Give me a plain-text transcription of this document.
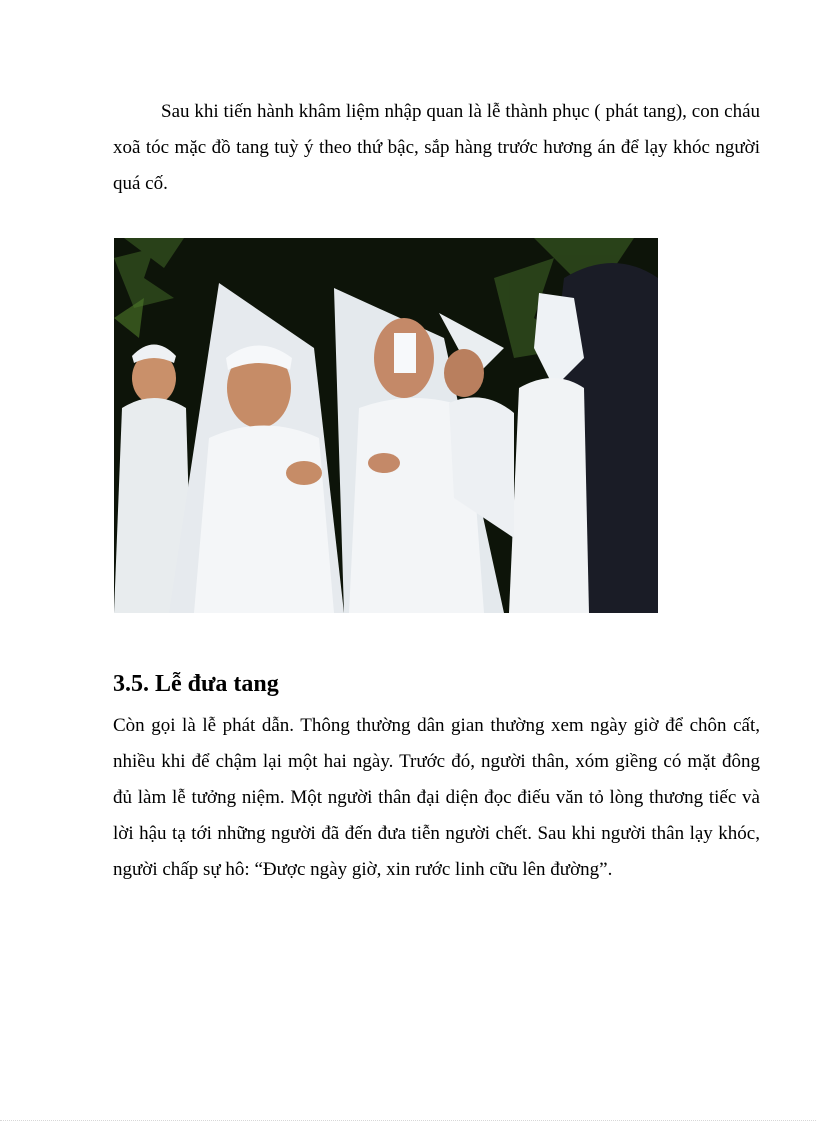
Sau khi tiến hành khâm liệm nhập quan là lễ thành phục ( phát tang), con cháu xoã tóc mặc đồ tang tuỳ ý theo thứ bậc, sắp hàng trước hương án để lạy khóc người quá cố.

3.5. Lễ đưa tang

Còn gọi là lễ phát dẫn. Thông thường dân gian thường xem ngày giờ để chôn cất, nhiều khi để chậm lại một hai ngày. Trước đó, người thân, xóm giềng có mặt đông đủ làm lễ tưởng niệm. Một người thân đại diện đọc điếu văn tỏ lòng thương tiếc và lời hậu tạ tới những người đã đến đưa tiễn người chết. Sau khi người thân lạy khóc, người chấp sự hô: “Được ngày giờ, xin rước linh cữu lên đường”.
